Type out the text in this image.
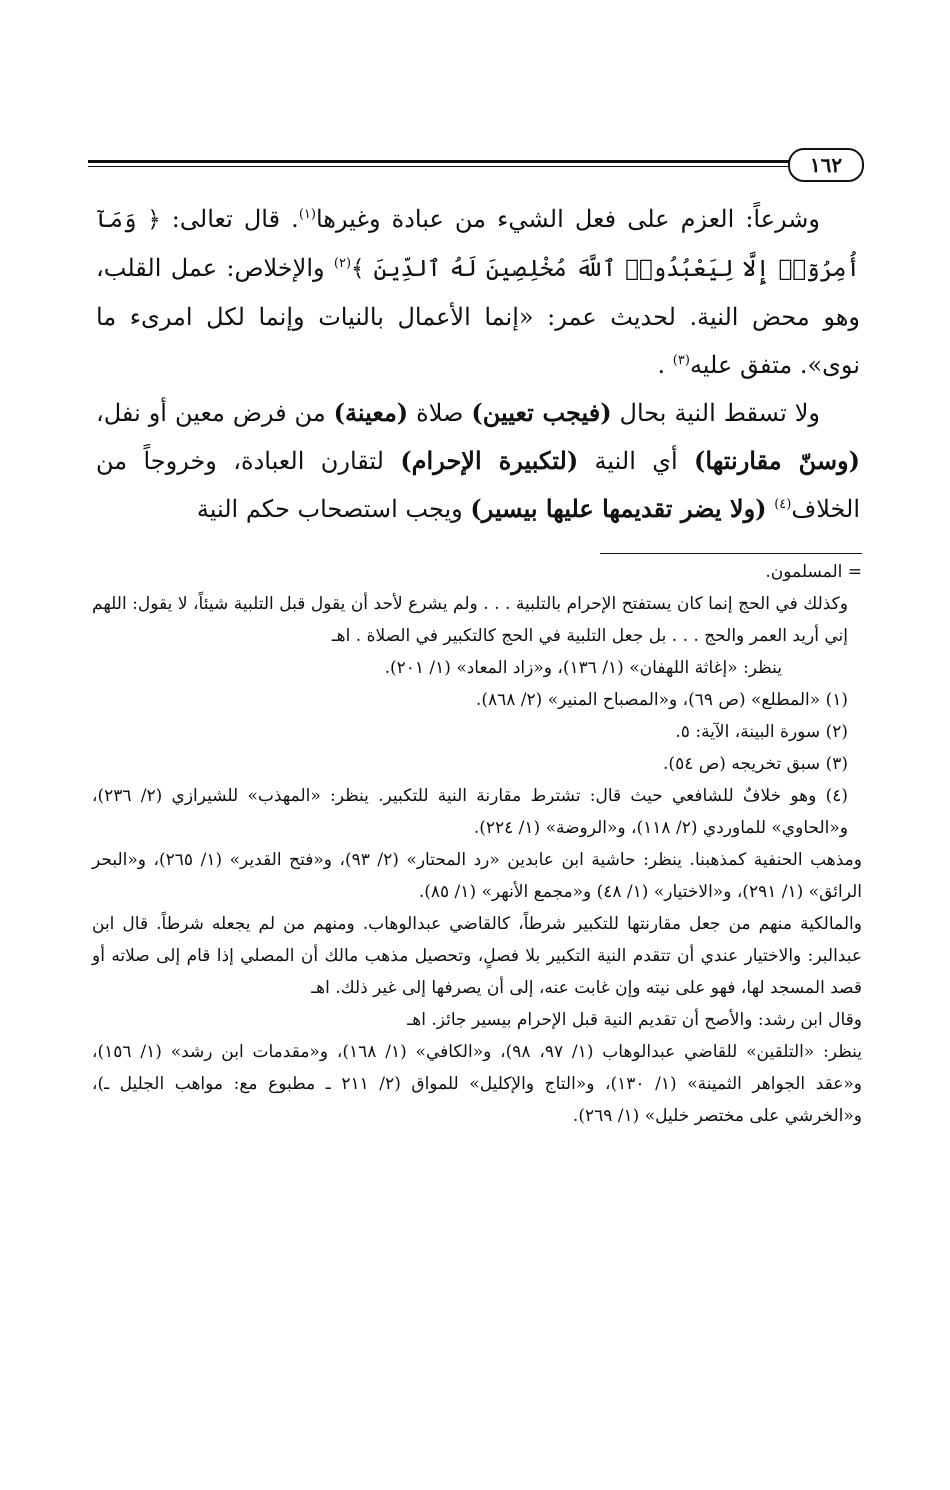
١٦٢

وشرعاً: العزم على فعل الشيء من عبادة وغيرها$^{(١)}$. قال تعالى: ﴿ وَمَآ أُمِرُوٓا۟ إِلَّا لِيَعْبُدُوا۟ ٱللَّهَ مُخْلِصِينَ لَهُ ٱلدِّينَ ﴾$^{(٢)}$ والإخلاص: عمل القلب، وهو محض النية. لحديث عمر: «إنما الأعمال بالنيات وإنما لكل امرىء ما نوى». متفق عليه$^{(٣)}$ .

ولا تسقط النية بحال (فيجب تعيين) صلاة (معينة) من فرض معين أو نفل، (وسنّ مقارنتها) أي النية (لتكبيرة الإحرام) لتقارن العبادة، وخروجاً من الخلاف$^{(٤)}$ (ولا يضر تقديمها عليها بيسير) ويجب استصحاب حكم النية

= المسلمون.

وكذلك في الحج إنما كان يستفتح الإحرام بالتلبية . . . ولم يشرع لأحد أن يقول قبل التلبية شيئاً، لا يقول: اللهم إني أريد العمر والحج . . . بل جعل التلبية في الحج كالتكبير في الصلاة . اهـ

ينظر: «إغاثة اللهفان» (١/ ١٣٦)، و«زاد المعاد» (١/ ٢٠١).

(١) «المطلع» (ص ٦٩)، و«المصباح المنير» (٢/ ٨٦٨).

(٢) سورة البينة، الآية: ٥.

(٣) سبق تخريجه (ص ٥٤).

(٤) وهو خلافٌ للشافعي حيث قال: تشترط مقارنة النية للتكبير. ينظر: «المهذب» للشيرازي (٢/ ٢٣٦)، و«الحاوي» للماوردي (٢/ ١١٨)، و«الروضة» (١/ ٢٢٤).

ومذهب الحنفية كمذهبنا. ينظر: حاشية ابن عابدين «رد المحتار» (٢/ ٩٣)، و«فتح القدير» (١/ ٢٦٥)، و«البحر الرائق» (١/ ٢٩١)، و«الاختيار» (١/ ٤٨) و«مجمع الأنهر» (١/ ٨٥).

والمالكية منهم من جعل مقارنتها للتكبير شرطاً، كالقاضي عبدالوهاب. ومنهم من لم يجعله شرطاً. قال ابن عبدالبر: والاختيار عندي أن تتقدم النية التكبير بلا فصلٍ، وتحصيل مذهب مالك أن المصلي إذا قام إلى صلاته أو قصد المسجد لها، فهو على نيته وإن غابت عنه، إلى أن يصرفها إلى غير ذلك. اهـ

وقال ابن رشد: والأصح أن تقديم النية قبل الإحرام بيسير جائز. اهـ

ينظر: «التلقين» للقاضي عبدالوهاب (١/ ٩٧، ٩٨)، و«الكافي» (١/ ١٦٨)، و«مقدمات ابن رشد» (١/ ١٥٦)، و«عقد الجواهر الثمينة» (١/ ١٣٠)، و«التاج والإكليل» للمواق (٢/ ٢١١ ـ مطبوع مع: مواهب الجليل ـ)، و«الخرشي على مختصر خليل» (١/ ٢٦٩).
